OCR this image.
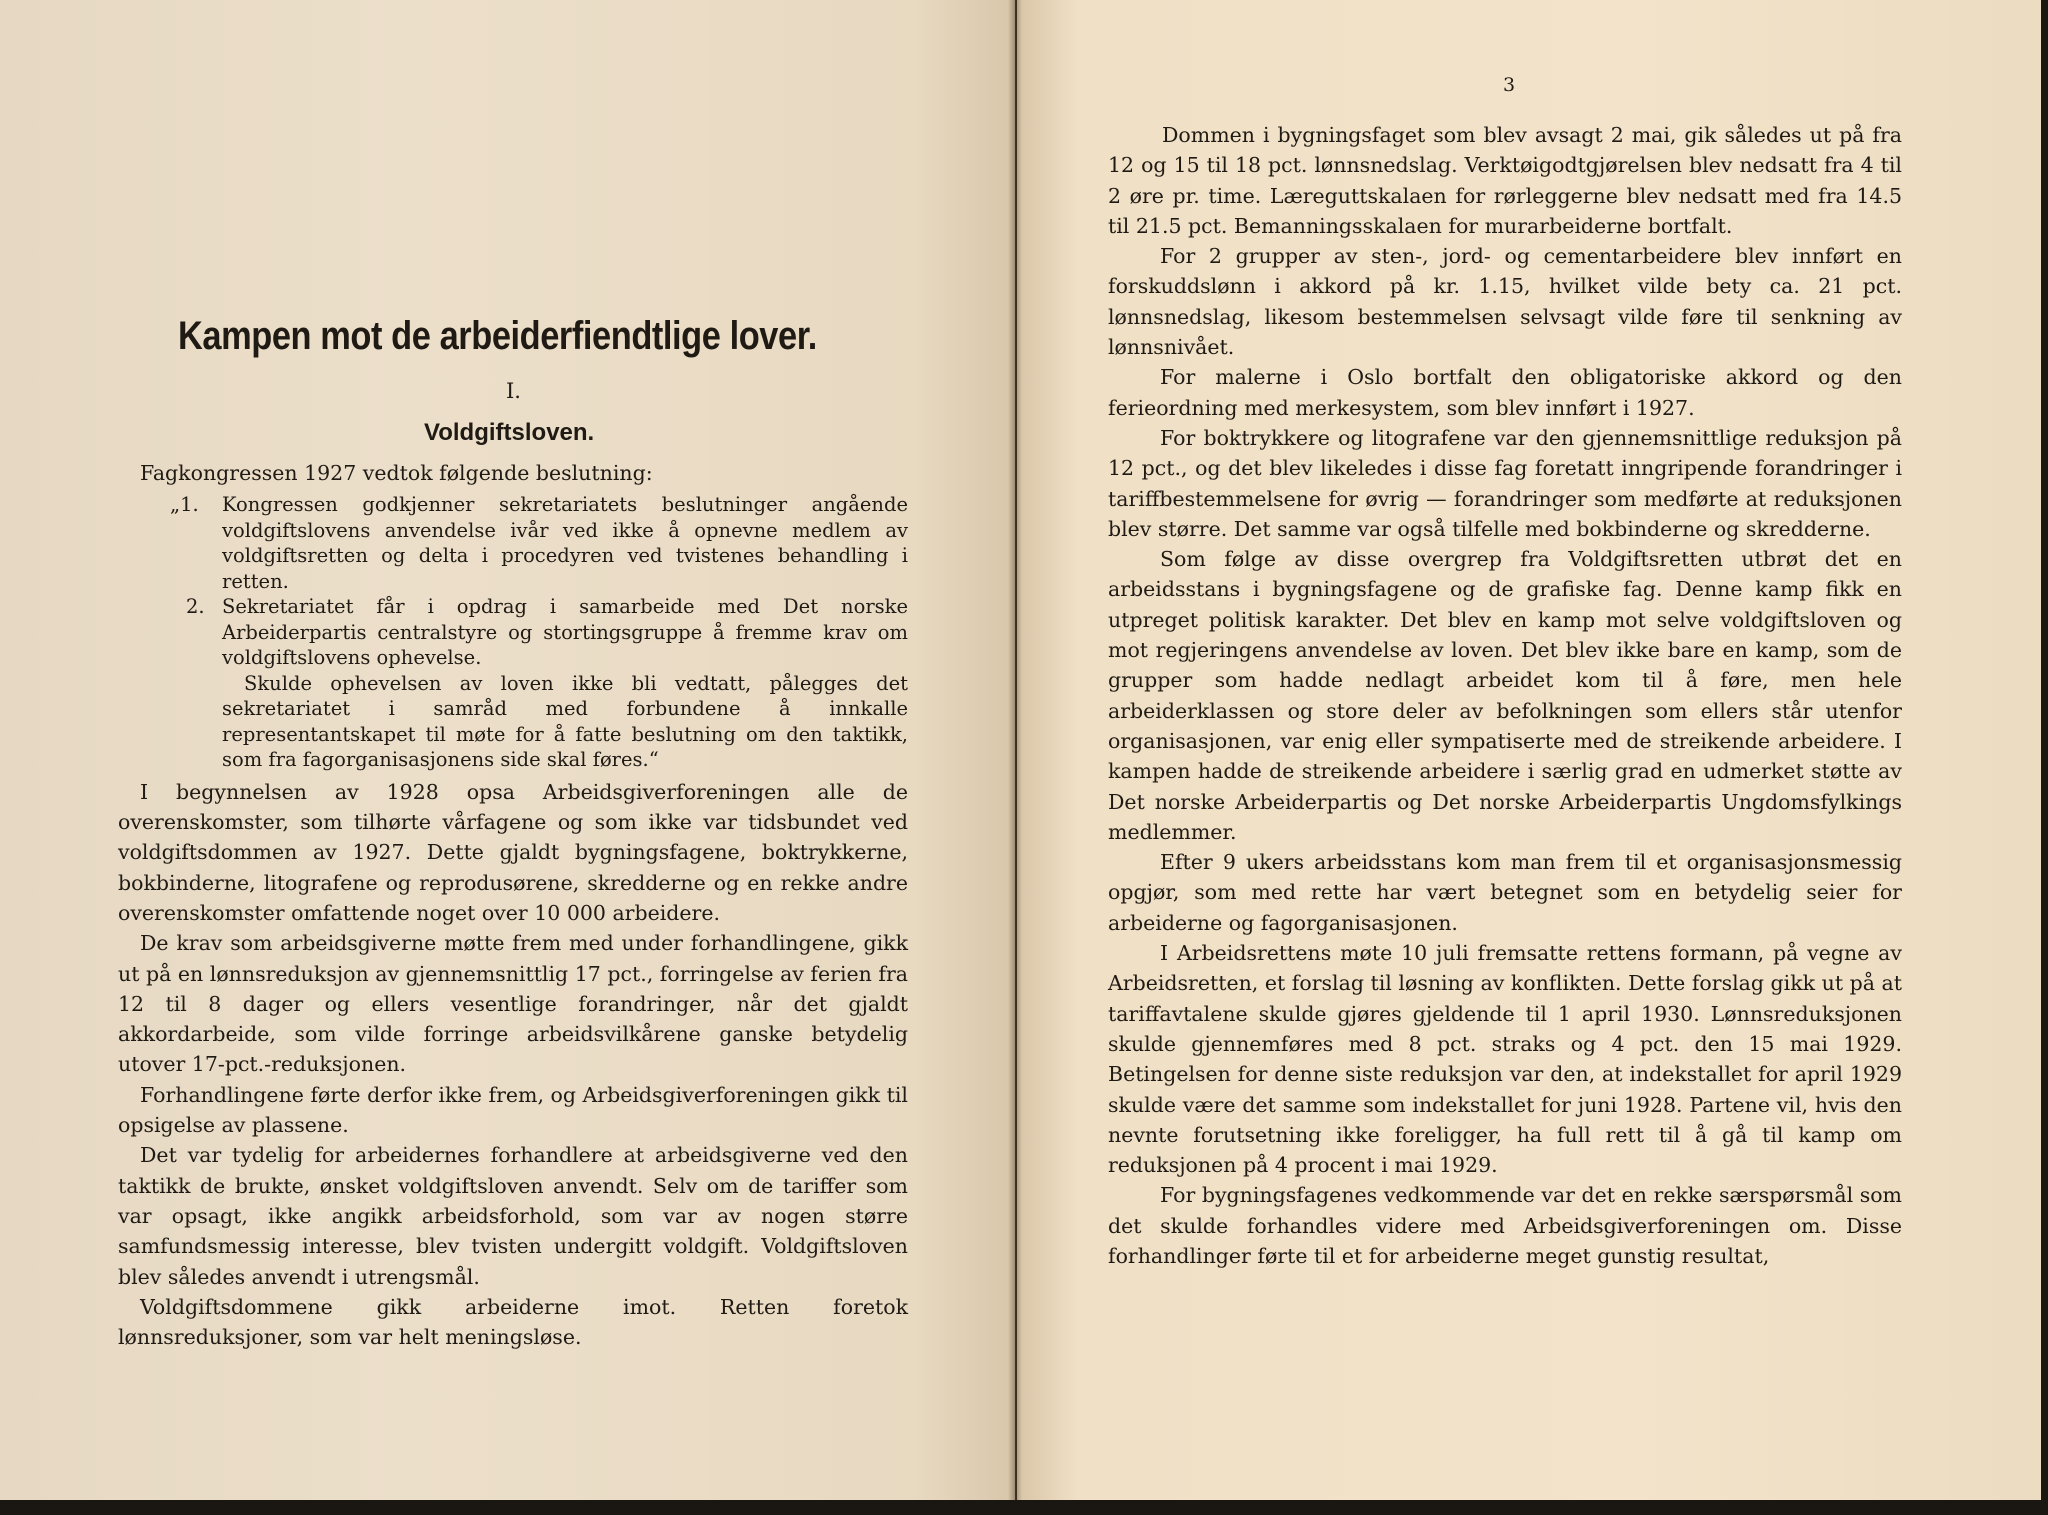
Kampen mot de arbeiderfiendtlige lover.
I.
Voldgiftsloven.

Fagkongressen 1927 vedtok følgende beslutning:

„1. Kongressen godkjenner sekretariatets beslutninger angående voldgiftslovens anvendelse ivår ved ikke å opnevne medlem av voldgiftsretten og delta i procedyren ved tvistenes behandling i retten.

2. Sekretariatet får i opdrag i samarbeide med Det norske Arbeiderpartis centralstyre og stortingsgruppe å fremme krav om voldgiftslovens ophevelse.

Skulde ophevelsen av loven ikke bli vedtatt, pålegges det sekretariatet i samråd med forbundene å innkalle representantskapet til møte for å fatte beslutning om den taktikk, som fra fagorganisasjonens side skal føres.“

I begynnelsen av 1928 opsa Arbeidsgiverforeningen alle de overenskomster, som tilhørte vårfagene og som ikke var tidsbundet ved voldgiftsdommen av 1927. Dette gjaldt bygningsfagene, boktrykkerne, bokbinderne, litografene og reprodusørene, skredderne og en rekke andre overenskomster omfattende noget over 10 000 arbeidere.

De krav som arbeidsgiverne møtte frem med under forhandlingene, gikk ut på en lønnsreduksjon av gjennemsnittlig 17 pct., forringelse av ferien fra 12 til 8 dager og ellers vesentlige forandringer, når det gjaldt akkordarbeide, som vilde forringe arbeidsvilkårene ganske betydelig utover 17-pct.-reduksjonen.

Forhandlingene førte derfor ikke frem, og Arbeidsgiverforeningen gikk til opsigelse av plassene.

Det var tydelig for arbeidernes forhandlere at arbeidsgiverne ved den taktikk de brukte, ønsket voldgiftsloven anvendt. Selv om de tariffer som var opsagt, ikke angikk arbeidsforhold, som var av nogen større samfundsmessig interesse, blev tvisten undergitt voldgift. Voldgiftsloven blev således anvendt i utrengsmål.

Voldgiftsdommene gikk arbeiderne imot. Retten foretok lønnsreduksjoner, som var helt meningsløse.

3

Dommen i bygningsfaget som blev avsagt 2 mai, gik således ut på fra 12 og 15 til 18 pct. lønnsnedslag. Verktøigodtgjørelsen blev nedsatt fra 4 til 2 øre pr. time. Læreguttskalaen for rørleggerne blev nedsatt med fra 14.5 til 21.5 pct. Bemanningsskalaen for murarbeiderne bortfalt.

For 2 grupper av sten-, jord- og cementarbeidere blev innført en forskuddslønn i akkord på kr. 1.15, hvilket vilde bety ca. 21 pct. lønnsnedslag, likesom bestemmelsen selvsagt vilde føre til senkning av lønnsnivået.

For malerne i Oslo bortfalt den obligatoriske akkord og den ferieordning med merkesystem, som blev innført i 1927.

For boktrykkere og litografene var den gjennemsnittlige reduksjon på 12 pct., og det blev likeledes i disse fag foretatt inngripende forandringer i tariffbestemmelsene for øvrig — forandringer som medførte at reduksjonen blev større. Det samme var også tilfelle med bokbinderne og skredderne.

Som følge av disse overgrep fra Voldgiftsretten utbrøt det en arbeidsstans i bygningsfagene og de grafiske fag. Denne kamp fikk en utpreget politisk karakter. Det blev en kamp mot selve voldgiftsloven og mot regjeringens anvendelse av loven. Det blev ikke bare en kamp, som de grupper som hadde nedlagt arbeidet kom til å føre, men hele arbeiderklassen og store deler av befolkningen som ellers står utenfor organisasjonen, var enig eller sympatiserte med de streikende arbeidere. I kampen hadde de streikende arbeidere i særlig grad en udmerket støtte av Det norske Arbeiderpartis og Det norske Arbeiderpartis Ungdomsfylkings medlemmer.

Efter 9 ukers arbeidsstans kom man frem til et organisasjonsmessig opgjør, som med rette har vært betegnet som en betydelig seier for arbeiderne og fagorganisasjonen.

I Arbeidsrettens møte 10 juli fremsatte rettens formann, på vegne av Arbeidsretten, et forslag til løsning av konflikten. Dette forslag gikk ut på at tariffavtalene skulde gjøres gjeldende til 1 april 1930. Lønnsreduksjonen skulde gjennemføres med 8 pct. straks og 4 pct. den 15 mai 1929. Betingelsen for denne siste reduksjon var den, at indekstallet for april 1929 skulde være det samme som indekstallet for juni 1928. Partene vil, hvis den nevnte forutsetning ikke foreligger, ha full rett til å gå til kamp om reduksjonen på 4 procent i mai 1929.

For bygningsfagenes vedkommende var det en rekke særspørsmål som det skulde forhandles videre med Arbeidsgiverforeningen om. Disse forhandlinger førte til et for arbeiderne meget gunstig resultat,
